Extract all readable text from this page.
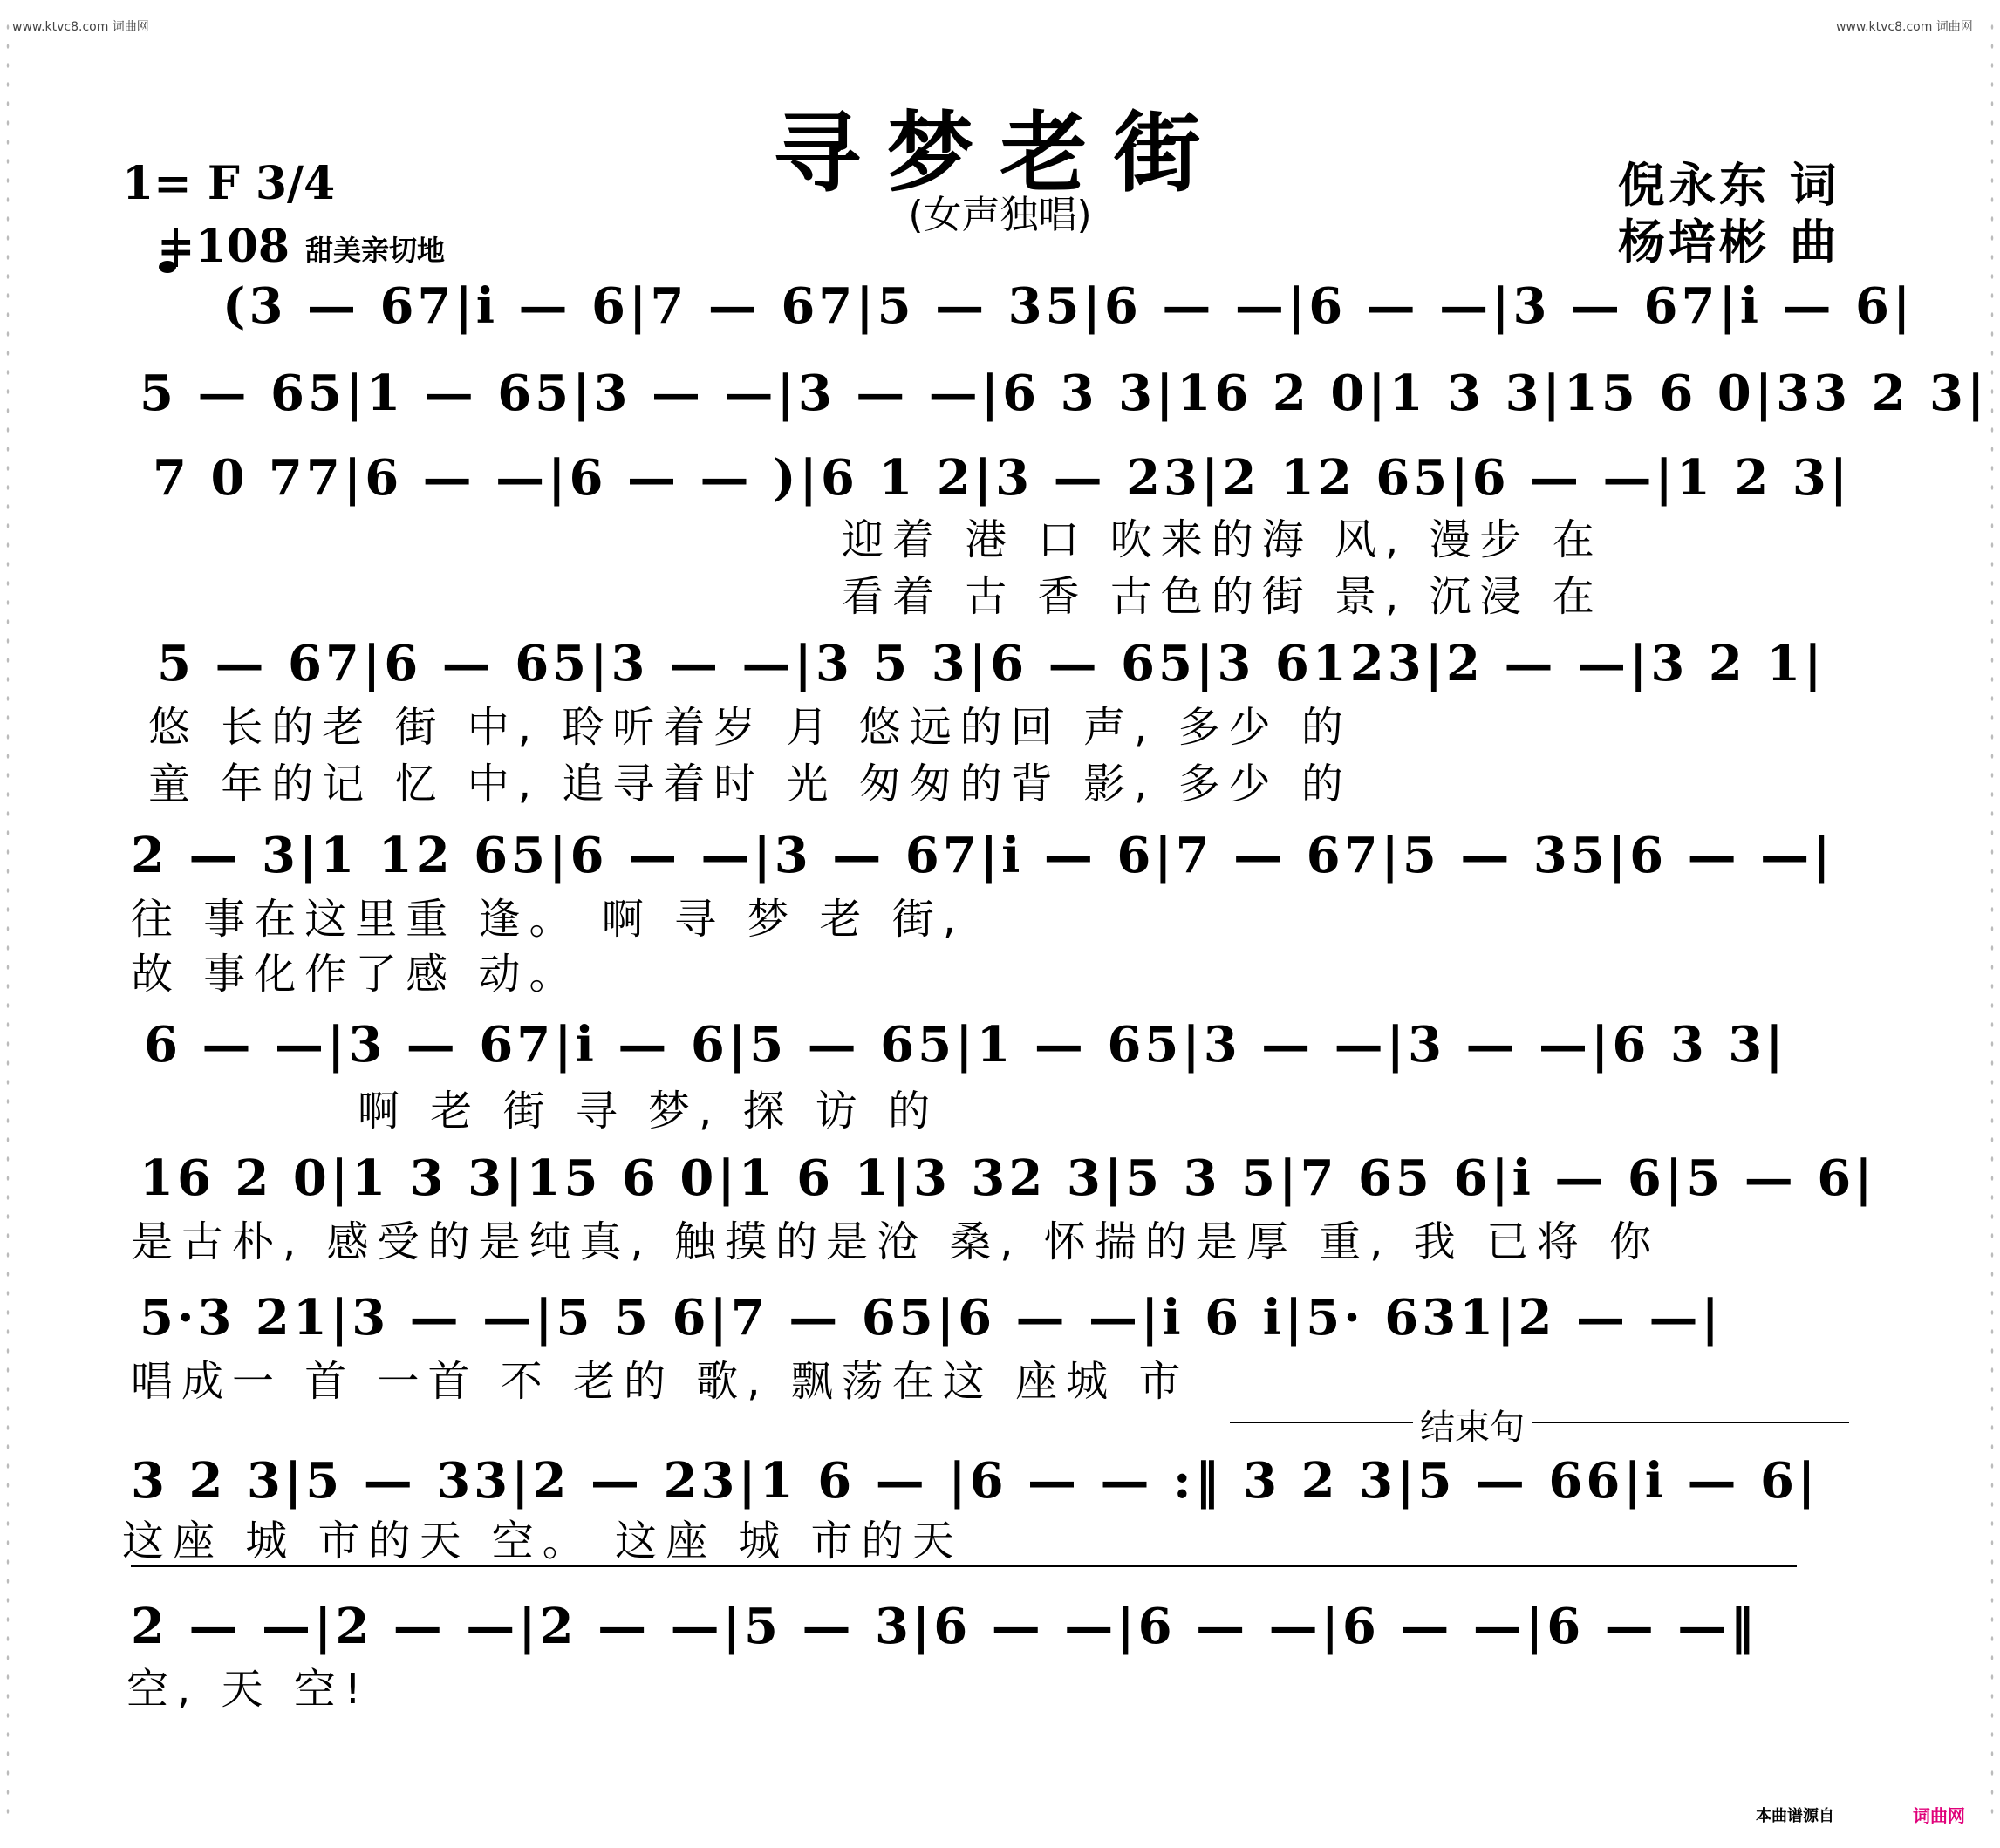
www.ktvc8.com 词曲网	www.ktvc8.com 词曲网
寻梦老街
(女声独唱)
1= F 3/4
=108 甜美亲切地
倪永东 词
杨培彬 曲
(3 — 67|i — 6|7 — 67|5 — 35|6 — —|6 — —|3 — 67|i — 6|
5 — 65|1 — 65|3 — —|3 — —|6 3 3|16 2 0|1 3 3|15 6 0|33 2 3|
7 0 77|6 — —|6 — — )|6 1 2|3 — 23|2 12 65|6 — —|1 2 3|
迎着 港 口 吹来的海 风, 漫步 在
看着 古 香 古色的街 景, 沉浸 在
5 — 67|6 — 65|3 — —|3 5 3|6 — 65|3 6123|2 — —|3 2 1|
悠 长的老 街 中, 聆听着岁 月 悠远的回 声, 多少 的
童 年的记 忆 中, 追寻着时 光 匆匆的背 影, 多少 的
2 — 3|1 12 65|6 — —|3 — 67|i — 6|7 — 67|5 — 35|6 — —|
往 事在这里重 逢。 啊 寻 梦 老 街,
故 事化作了感 动。
6 — —|3 — 67|i — 6|5 — 65|1 — 65|3 — —|3 — —|6 3 3|
啊 老 街 寻 梦, 探 访 的
16 2 0|1 3 3|15 6 0|1 6 1|3 32 3|5 3 5|7 65 6|i — 6|5 — 6|
是古朴, 感受的是纯真, 触摸的是沧 桑, 怀揣的是厚 重, 我 已将 你
5·3 21|3 — —|5 5 6|7 — 65|6 — —|i 6 i|5· 631|2 — —|
唱成一 首 一首 不 老的 歌, 飘荡在这 座城 市
结束句
3 2 3|5 — 33|2 — 23|1 6 — |6 — — :‖ 3 2 3|5 — 66|i — 6|
这座 城 市的天 空。 这座 城 市的天
2 — —|2 — —|2 — —|5 — 3|6 — —|6 — —|6 — —|6 — —‖
空, 天 空!
本曲谱源自	词曲网
